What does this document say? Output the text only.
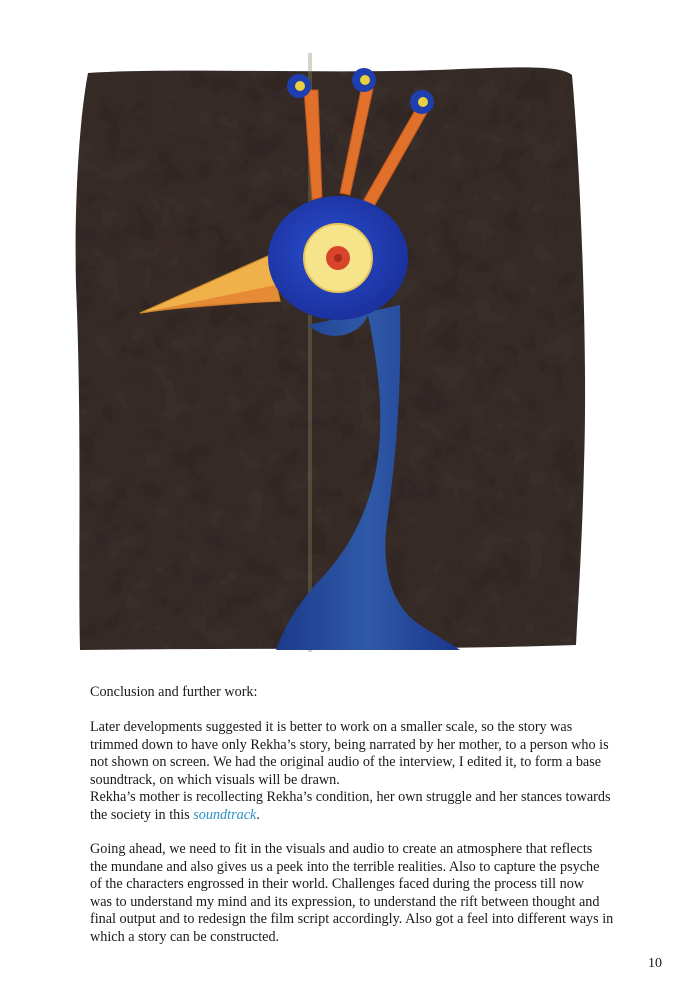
Conclusion and further work:

Later developments suggested it is better to work on a smaller scale, so the story was

trimmed down to have only Rekha’s story, being narrated by her mother, to a person who is

not shown on screen. We had the original audio of the interview, I edited it, to form a base

soundtrack, on which visuals will be drawn.

Rekha’s mother is recollecting Rekha’s condition, her own struggle and her stances towards

the society in this soundtrack.

Going ahead, we need to fit in the visuals and audio to create an atmosphere that reflects

the mundane and also gives us a peek into the terrible realities. Also to capture the psyche

of the characters engrossed in their world. Challenges faced during the process till now

was to understand my mind and its expression, to understand the rift between thought and

final output and to redesign the film script accordingly. Also got a feel into different ways in

which a story can be constructed.

10
